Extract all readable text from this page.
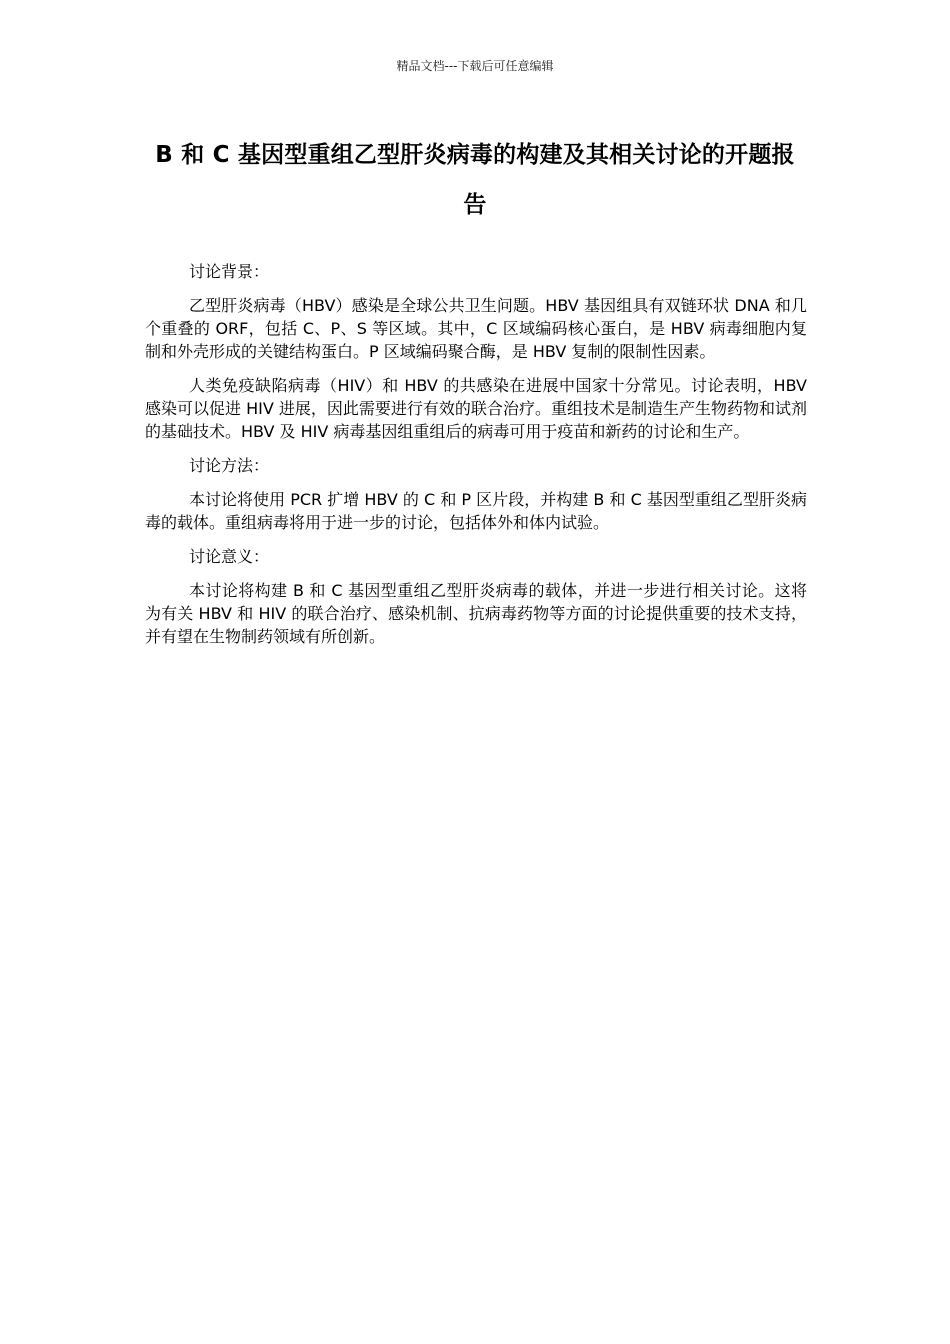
精品文档---下载后可任意编辑
B 和 C 基因型重组乙型肝炎病毒的构建及其相关讨论的开题报告

讨论背景：

乙型肝炎病毒（HBV）感染是全球公共卫生问题。HBV 基因组具有双链环状 DNA 和几个重叠的 ORF，包括 C、P、S 等区域。其中，C 区域编码核心蛋白，是 HBV 病毒细胞内复制和外壳形成的关键结构蛋白。P 区域编码聚合酶，是 HBV 复制的限制性因素。

人类免疫缺陷病毒（HIV）和 HBV 的共感染在进展中国家十分常见。讨论表明，HBV 感染可以促进 HIV 进展，因此需要进行有效的联合治疗。重组技术是制造生产生物药物和试剂的基础技术。HBV 及 HIV 病毒基因组重组后的病毒可用于疫苗和新药的讨论和生产。

讨论方法：

本讨论将使用 PCR 扩增 HBV 的 C 和 P 区片段，并构建 B 和 C 基因型重组乙型肝炎病毒的载体。重组病毒将用于进一步的讨论，包括体外和体内试验。

讨论意义：

本讨论将构建 B 和 C 基因型重组乙型肝炎病毒的载体，并进一步进行相关讨论。这将为有关 HBV 和 HIV 的联合治疗、感染机制、抗病毒药物等方面的讨论提供重要的技术支持，并有望在生物制药领域有所创新。
